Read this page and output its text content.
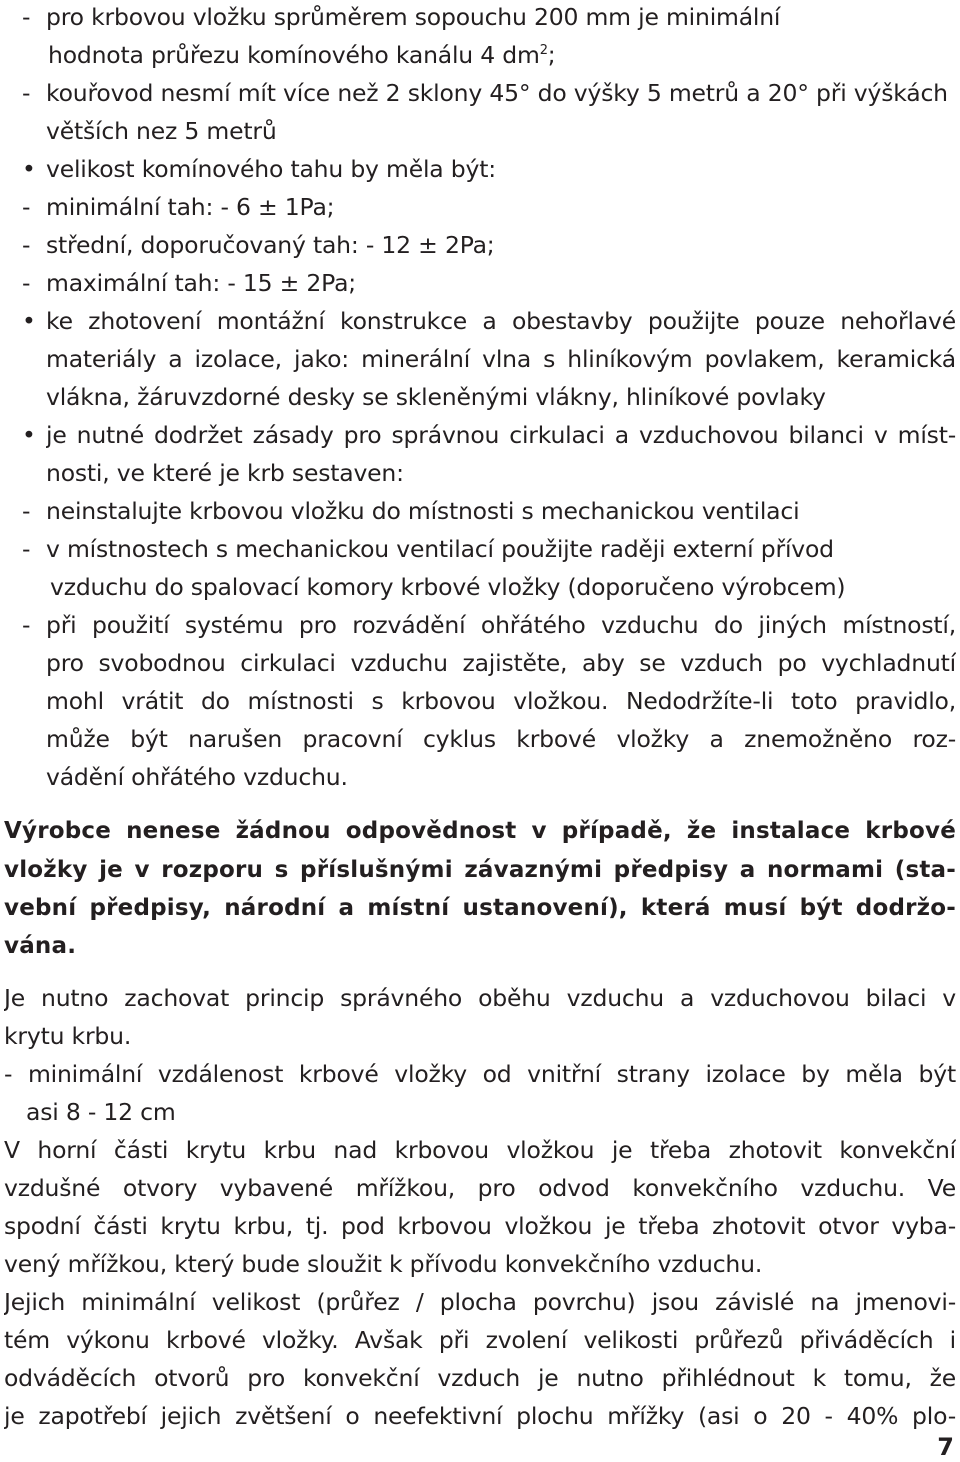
- pro krbovou vložku sprůměrem sopouchu 200 mm je minimální
hodnota průřezu komínového kanálu 4 $dm^2$;
- kouřovod nesmí mít více než 2 sklony 45° do výšky 5 metrů a 20° při výškách
větších nez 5 metrů
• velikost komínového tahu by měla být:
- minimální tah: - 6 ± 1Pa;
- střední, doporučovaný tah: - 12 ± 2Pa;
- maximální tah: - 15 ± 2Pa;
• ke zhotovení montážní konstrukce a obestavby použijte pouze nehořlavé
materiály a izolace, jako: minerální vlna s hliníkovým povlakem, keramická
vlákna, žáruvzdorné desky se skleněnými vlákny, hliníkové povlaky
• je nutné dodržet zásady pro správnou cirkulaci a vzduchovou bilanci v míst-
nosti, ve které je krb sestaven:
- neinstalujte krbovou vložku do místnosti s mechanickou ventilaci
- v místnostech s mechanickou ventilací použijte raději externí přívod
vzduchu do spalovací komory krbové vložky (doporučeno výrobcem)
- při použití systému pro rozvádění ohřátého vzduchu do jiných místností,
pro svobodnou cirkulaci vzduchu zajistěte, aby se vzduch po vychladnutí
mohl vrátit do místnosti s krbovou vložkou. Nedodržíte-li toto pravidlo,
může být narušen pracovní cyklus krbové vložky a znemožněno roz-
vádění ohřátého vzduchu.
Výrobce nenese žádnou odpovědnost v případě, že instalace krbové
vložky je v rozporu s příslušnými závaznými předpisy a normami (sta-
vební předpisy, národní a místní ustanovení), která musí být dodržo-
vána.
Je nutno zachovat princip správného oběhu vzduchu a vzduchovou bilaci v
krytu krbu.
- minimální vzdálenost krbové vložky od vnitřní strany izolace by měla být
asi 8 - 12 cm
V horní části krytu krbu nad krbovou vložkou je třeba zhotovit konvekční
vzdušné otvory vybavené mřížkou, pro odvod konvekčního vzduchu. Ve
spodní části krytu krbu, tj. pod krbovou vložkou je třeba zhotovit otvor vyba-
vený mřížkou, který bude sloužit k přívodu konvekčního vzduchu.
Jejich minimální velikost (průřez / plocha povrchu) jsou závislé na jmenovi-
tém výkonu krbové vložky. Avšak při zvolení velikosti průřezů přiváděcích i
odváděcích otvorů pro konvekční vzduch je nutno přihlédnout k tomu, že
je zapotřebí jejich zvětšení o neefektivní plochu mřížky (asi o 20 - 40% plo-
7
